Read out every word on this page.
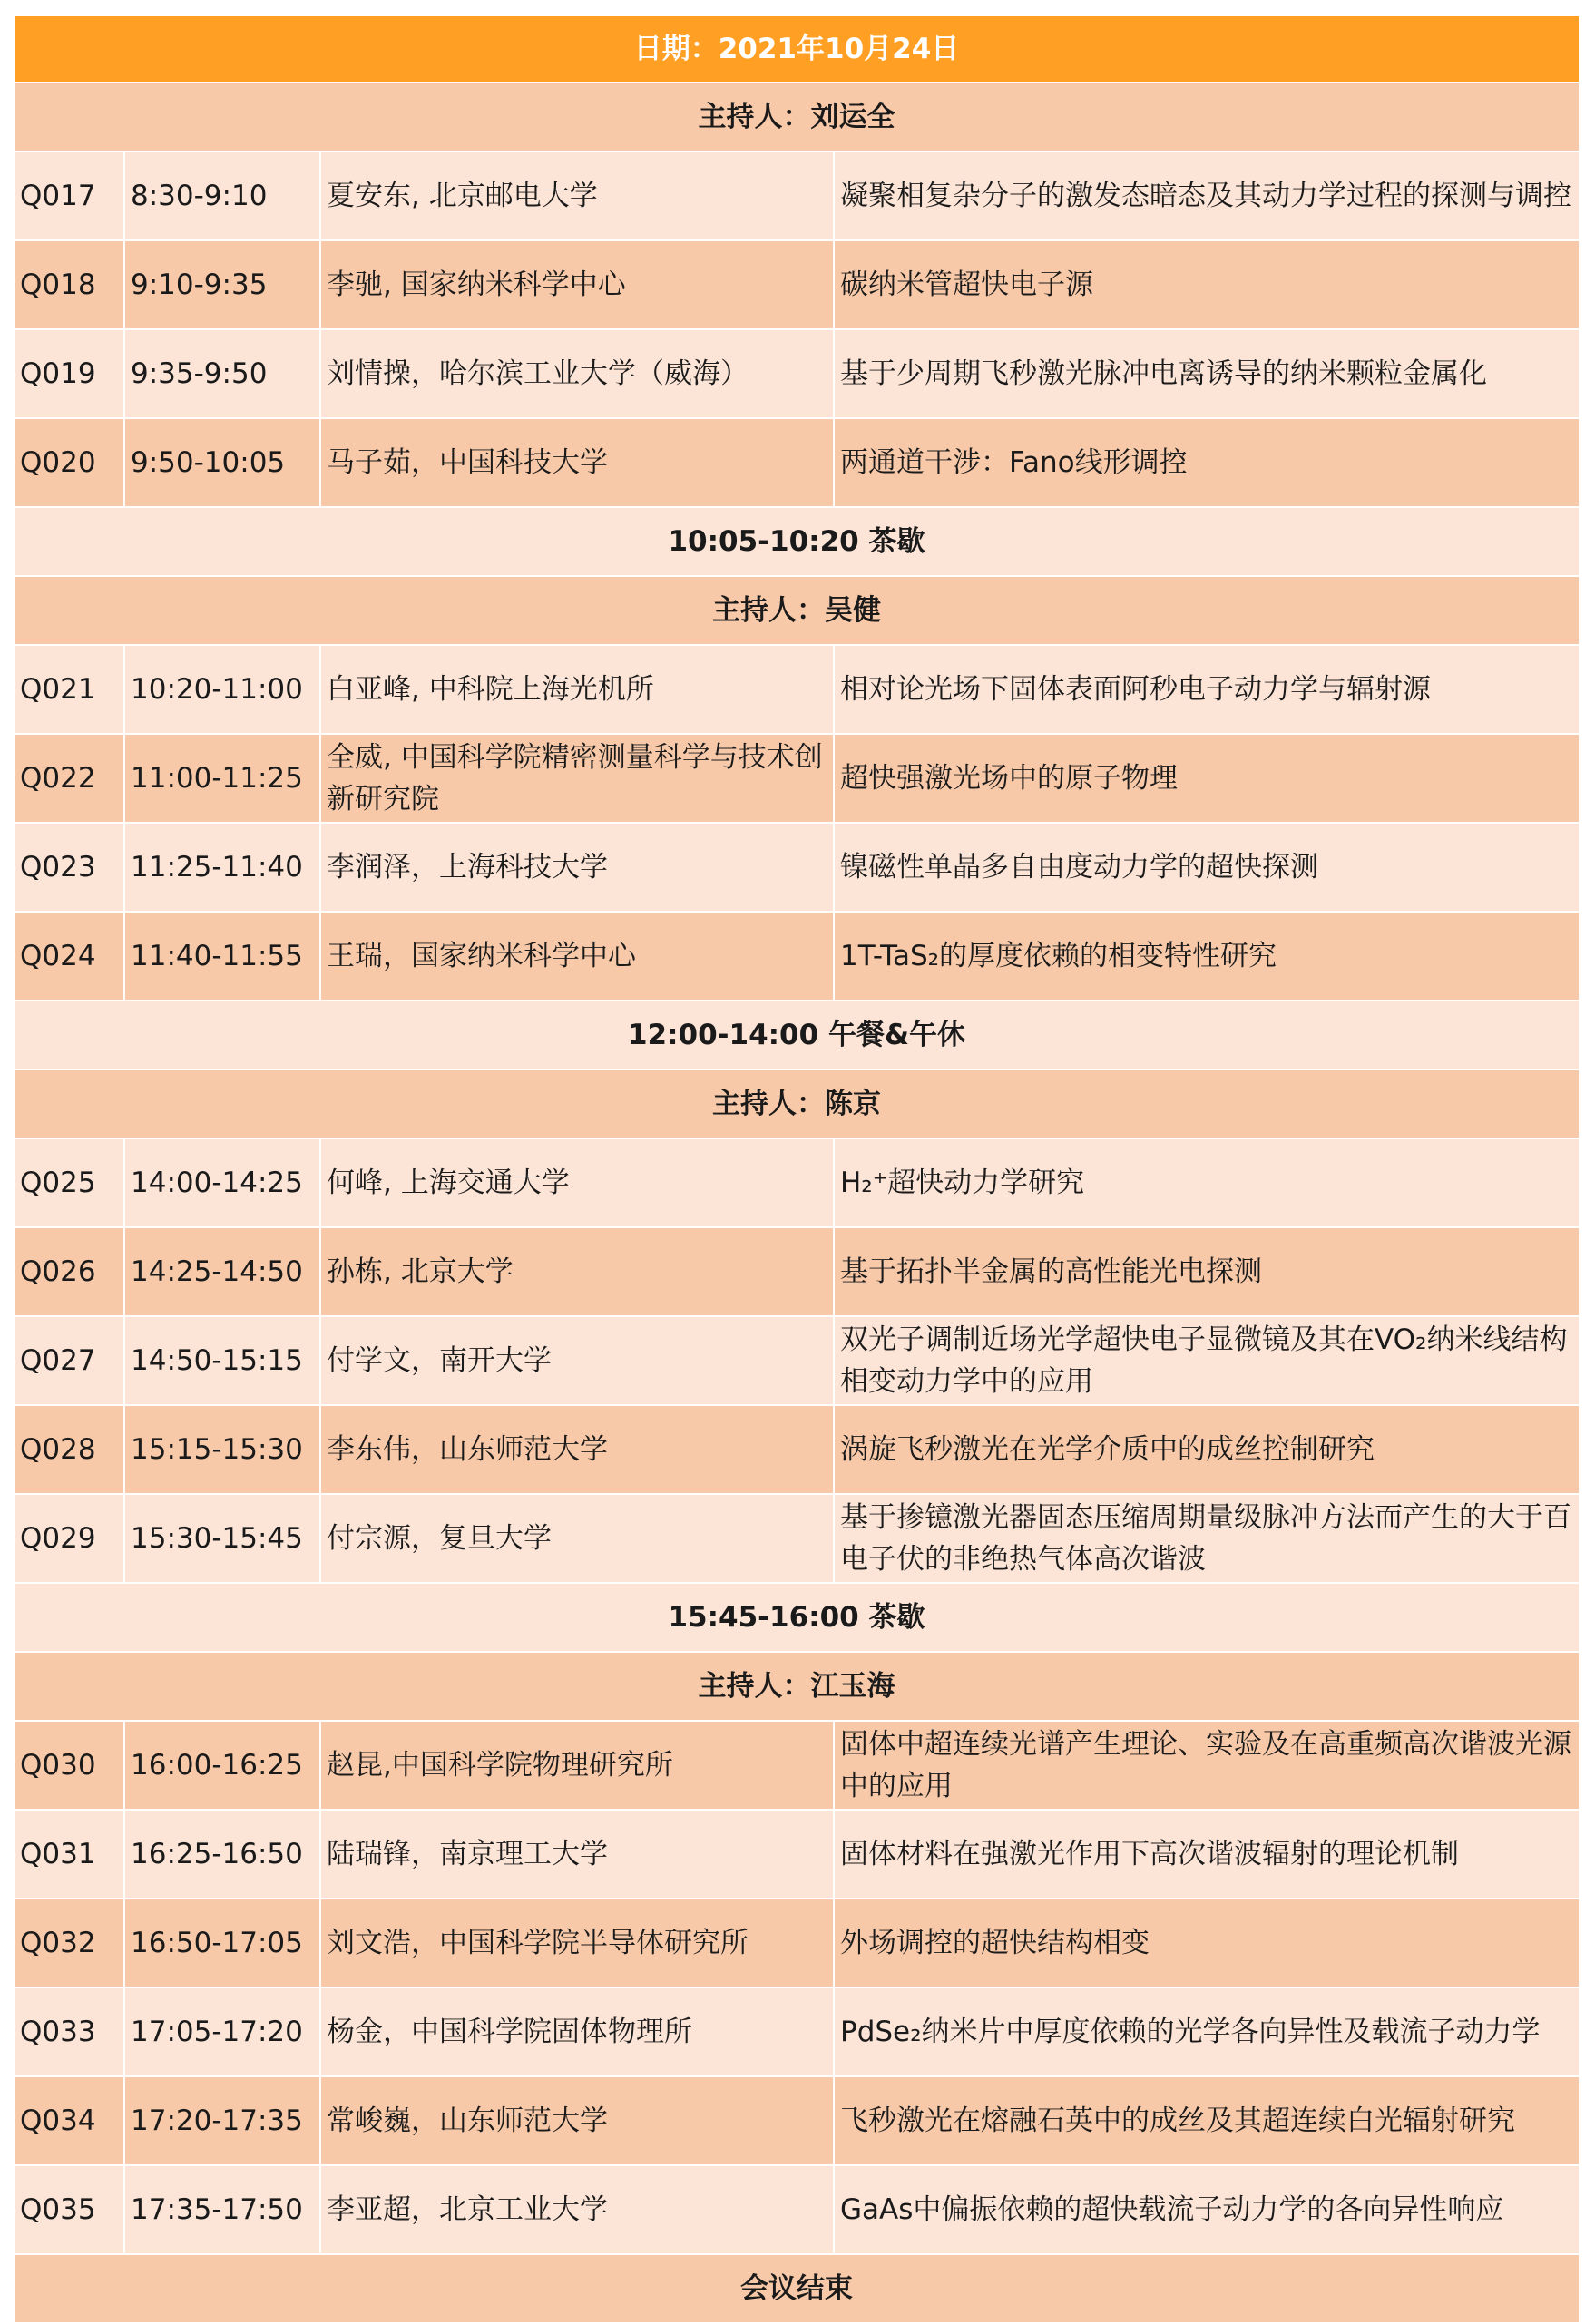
日期：2021年10月24日			
主持人：刘运全			
Q017	8:30-9:10	夏安东, 北京邮电大学	凝聚相复杂分子的激发态暗态及其动力学过程的探测与调控
Q018	9:10-9:35	李驰, 国家纳米科学中心	碳纳米管超快电子源
Q019	9:35-9:50	刘情操，哈尔滨工业大学（威海）	基于少周期飞秒激光脉冲电离诱导的纳米颗粒金属化
Q020	9:50-10:05	马子茹，中国科技大学	两通道干涉：Fano线形调控
10:05-10:20 茶歇			
主持人：吴健			
Q021	10:20-11:00	白亚峰, 中科院上海光机所	相对论光场下固体表面阿秒电子动力学与辐射源
Q022	11:00-11:25	全威, 中国科学院精密测量科学与技术创新研究院	超快强激光场中的原子物理
Q023	11:25-11:40	李润泽，上海科技大学	镍磁性单晶多自由度动力学的超快探测
Q024	11:40-11:55	王瑞，国家纳米科学中心	1T-TaS₂的厚度依赖的相变特性研究
12:00-14:00 午餐&午休			
主持人：陈京			
Q025	14:00-14:25	何峰, 上海交通大学	H₂⁺超快动力学研究
Q026	14:25-14:50	孙栋, 北京大学	基于拓扑半金属的高性能光电探测
Q027	14:50-15:15	付学文，南开大学	双光子调制近场光学超快电子显微镜及其在VO₂纳米线结构相变动力学中的应用
Q028	15:15-15:30	李东伟，山东师范大学	涡旋飞秒激光在光学介质中的成丝控制研究
Q029	15:30-15:45	付宗源，复旦大学	基于掺镱激光器固态压缩周期量级脉冲方法而产生的大于百电子伏的非绝热气体高次谐波
15:45-16:00 茶歇			
主持人：江玉海			
Q030	16:00-16:25	赵昆,中国科学院物理研究所	固体中超连续光谱产生理论、实验及在高重频高次谐波光源中的应用
Q031	16:25-16:50	陆瑞锋，南京理工大学	固体材料在强激光作用下高次谐波辐射的理论机制
Q032	16:50-17:05	刘文浩，中国科学院半导体研究所	外场调控的超快结构相变
Q033	17:05-17:20	杨金，中国科学院固体物理所	PdSe₂纳米片中厚度依赖的光学各向异性及载流子动力学
Q034	17:20-17:35	常峻巍，山东师范大学	飞秒激光在熔融石英中的成丝及其超连续白光辐射研究
Q035	17:35-17:50	李亚超，北京工业大学	GaAs中偏振依赖的超快载流子动力学的各向异性响应
会议结束			
